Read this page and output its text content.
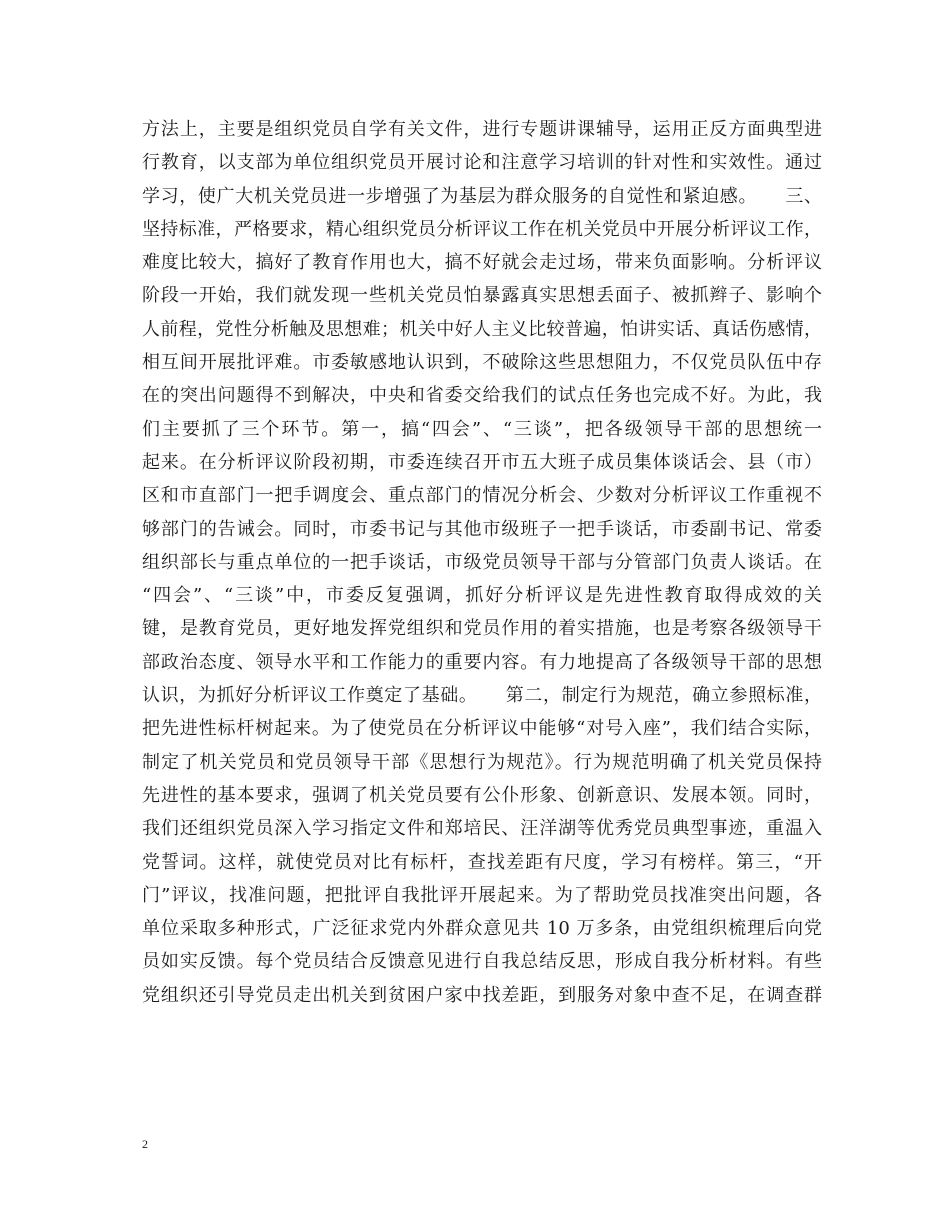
方法上，主要是组织党员自学有关文件，进行专题讲课辅导，运用正反方面典型进
行教育，以支部为单位组织党员开展讨论和注意学习培训的针对性和实效性。通过
学习，使广大机关党员进一步增强了为基层为群众服务的自觉性和紧迫感。　　三、
坚持标准，严格要求，精心组织党员分析评议工作在机关党员中开展分析评议工作，
难度比较大，搞好了教育作用也大，搞不好就会走过场，带来负面影响。分析评议
阶段一开始，我们就发现一些机关党员怕暴露真实思想丢面子、被抓辫子、影响个
人前程，党性分析触及思想难；机关中好人主义比较普遍，怕讲实话、真话伤感情，
相互间开展批评难。市委敏感地认识到，不破除这些思想阻力，不仅党员队伍中存
在的突出问题得不到解决，中央和省委交给我们的试点任务也完成不好。为此，我
们主要抓了三个环节。第一，搞“四会”、“三谈”，把各级领导干部的思想统一
起来。在分析评议阶段初期，市委连续召开市五大班子成员集体谈话会、县（市）
区和市直部门一把手调度会、重点部门的情况分析会、少数对分析评议工作重视不
够部门的告诫会。同时，市委书记与其他市级班子一把手谈话，市委副书记、常委
组织部长与重点单位的一把手谈话，市级党员领导干部与分管部门负责人谈话。在
“四会”、“三谈”中，市委反复强调，抓好分析评议是先进性教育取得成效的关
键，是教育党员，更好地发挥党组织和党员作用的着实措施，也是考察各级领导干
部政治态度、领导水平和工作能力的重要内容。有力地提高了各级领导干部的思想
认识，为抓好分析评议工作奠定了基础。　　第二，制定行为规范，确立参照标准，
把先进性标杆树起来。为了使党员在分析评议中能够“对号入座”，我们结合实际，
制定了机关党员和党员领导干部《思想行为规范》。行为规范明确了机关党员保持
先进性的基本要求，强调了机关党员要有公仆形象、创新意识、发展本领。同时，
我们还组织党员深入学习指定文件和郑培民、汪洋湖等优秀党员典型事迹，重温入
党誓词。这样，就使党员对比有标杆，查找差距有尺度，学习有榜样。第三，“开
门”评议，找准问题，把批评自我批评开展起来。为了帮助党员找准突出问题，各
单位采取多种形式，广泛征求党内外群众意见共 10 万多条，由党组织梳理后向党
员如实反馈。每个党员结合反馈意见进行自我总结反思，形成自我分析材料。有些
党组织还引导党员走出机关到贫困户家中找差距，到服务对象中查不足，在调查群
2
